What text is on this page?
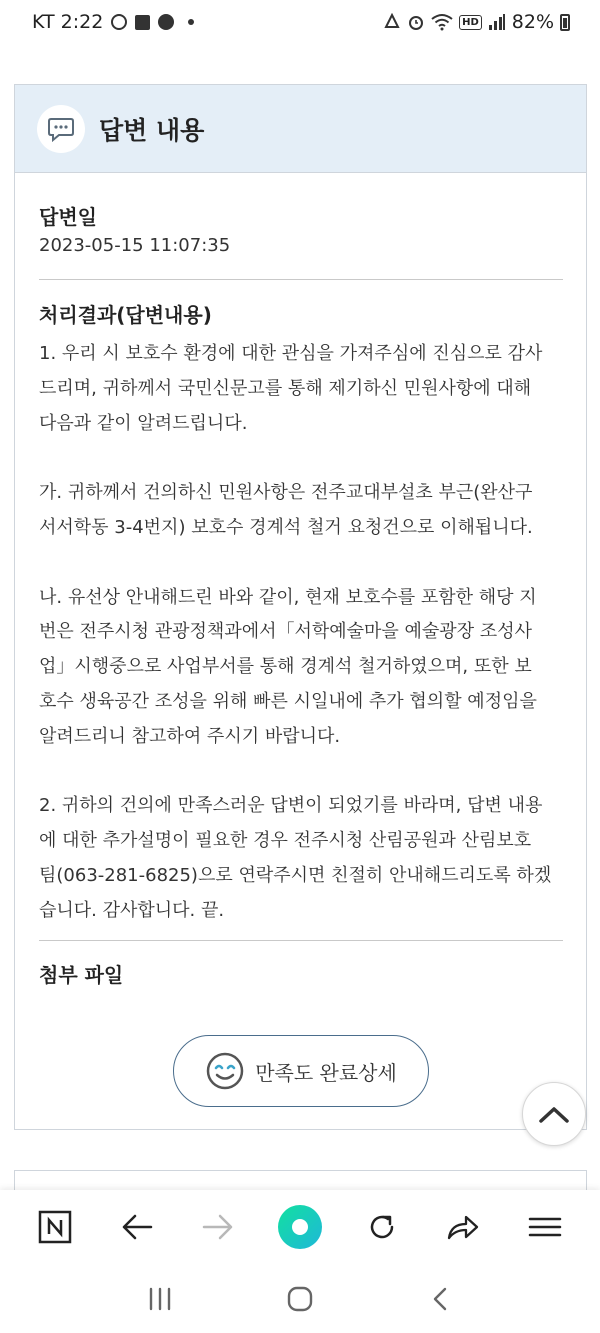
KT 2:22	HD 82%
답변 내용
답변일
2023-05-15 11:07:35
처리결과(답변내용)

1. 우리 시 보호수 환경에 대한 관심을 가져주심에 진심으로 감사

드리며, 귀하께서 국민신문고를 통해 제기하신 민원사항에 대해

다음과 같이 알려드립니다.

가. 귀하께서 건의하신 민원사항은 전주교대부설초 부근(완산구

서서학동 3-4번지) 보호수 경계석 철거 요청건으로 이해됩니다.

나. 유선상 안내해드린 바와 같이, 현재 보호수를 포함한 해당 지

번은 전주시청 관광정책과에서「서학예술마을 예술광장 조성사

업」시행중으로 사업부서를 통해 경계석 철거하였으며, 또한 보

호수 생육공간 조성을 위해 빠른 시일내에 추가 협의할 예정임을

알려드리니 참고하여 주시기 바랍니다.

2. 귀하의 건의에 만족스러운 답변이 되었기를 바라며, 답변 내용

에 대한 추가설명이 필요한 경우 전주시청 산림공원과 산림보호

팀(063-281-6825)으로 연락주시면 친절히 안내해드리도록 하겠

습니다. 감사합니다. 끝.

첨부 파일
만족도 완료상세
